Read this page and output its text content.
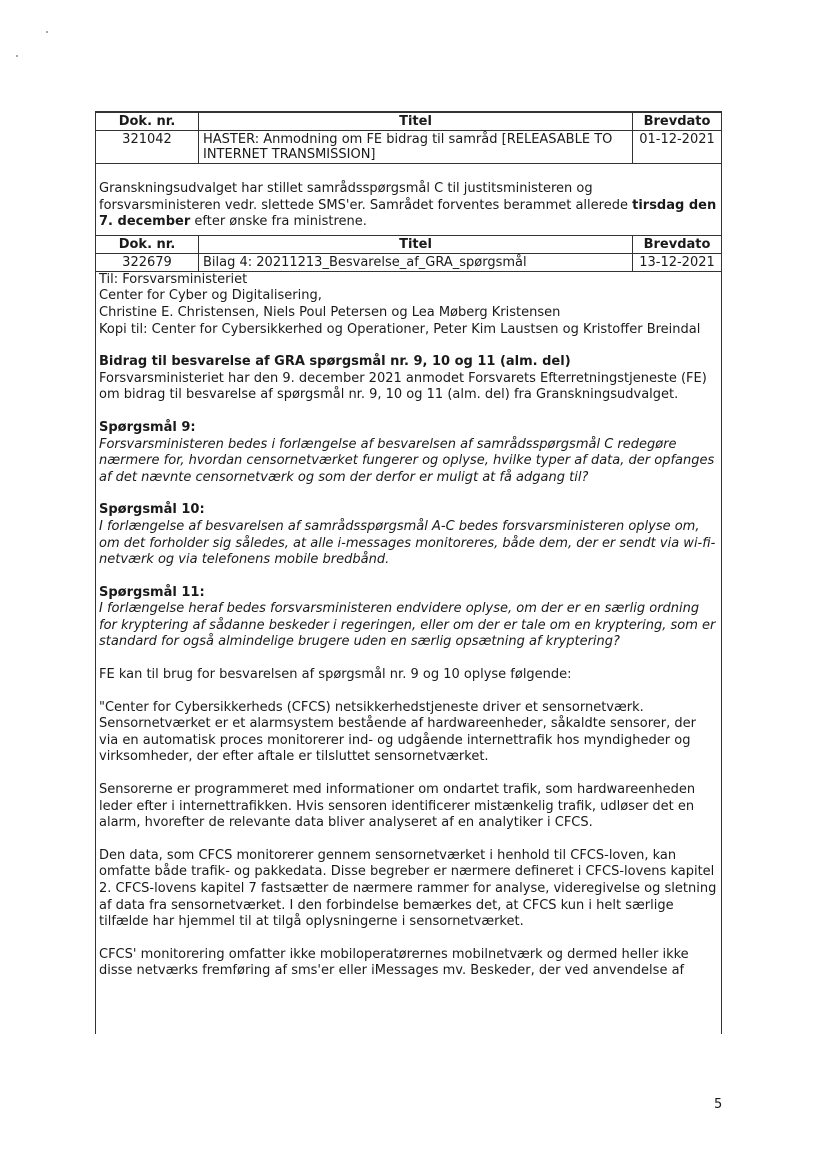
Dok. nr.	Titel	Brevdato
321042	HASTER: Anmodning om FE bidrag til samråd [RELEASABLE TO INTERNET TRANSMISSION]	01-12-2021

Granskningsudvalget har stillet samrådsspørgsmål C til justitsministeren og forsvarsministeren vedr. slettede SMS'er. Samrådet forventes berammet allerede tirsdag den 7. december efter ønske fra ministrene.

Dok. nr.	Titel	Brevdato
322679	Bilag 4: 20211213_Besvarelse_af_GRA_spørgsmål	13-12-2021

Til: Forsvarsministeriet

Center for Cyber og Digitalisering,

Christine E. Christensen, Niels Poul Petersen og Lea Møberg Kristensen

Kopi til: Center for Cybersikkerhed og Operationer, Peter Kim Laustsen og Kristoffer Breindal

Bidrag til besvarelse af GRA spørgsmål nr. 9, 10 og 11 (alm. del)

Forsvarsministeriet har den 9. december 2021 anmodet Forsvarets Efterretningstjeneste (FE) om bidrag til besvarelse af spørgsmål nr. 9, 10 og 11 (alm. del) fra Granskningsudvalget.

Spørgsmål 9:

Forsvarsministeren bedes i forlængelse af besvarelsen af samrådsspørgsmål C redegøre nærmere for, hvordan censornetværket fungerer og oplyse, hvilke typer af data, der opfanges af det nævnte censornetværk og som der derfor er muligt at få adgang til?

Spørgsmål 10:

I forlængelse af besvarelsen af samrådsspørgsmål A-C bedes forsvarsministeren oplyse om, om det forholder sig således, at alle i-messages monitoreres, både dem, der er sendt via wi-fi-netværk og via telefonens mobile bredbånd.

Spørgsmål 11:

I forlængelse heraf bedes forsvarsministeren endvidere oplyse, om der er en særlig ordning for kryptering af sådanne beskeder i regeringen, eller om der er tale om en kryptering, som er standard for også almindelige brugere uden en særlig opsætning af kryptering?

FE kan til brug for besvarelsen af spørgsmål nr. 9 og 10 oplyse følgende:

"Center for Cybersikkerheds (CFCS) netsikkerhedstjeneste driver et sensornetværk. Sensornetværket er et alarmsystem bestående af hardwareenheder, såkaldte sensorer, der via en automatisk proces monitorerer ind- og udgående internettrafik hos myndigheder og virksomheder, der efter aftale er tilsluttet sensornetværket.

Sensorerne er programmeret med informationer om ondartet trafik, som hardwareenheden leder efter i internettrafikken. Hvis sensoren identificerer mistænkelig trafik, udløser det en alarm, hvorefter de relevante data bliver analyseret af en analytiker i CFCS.

Den data, som CFCS monitorerer gennem sensornetværket i henhold til CFCS-loven, kan omfatte både trafik- og pakkedata. Disse begreber er nærmere defineret i CFCS-lovens kapitel 2. CFCS-lovens kapitel 7 fastsætter de nærmere rammer for analyse, videregivelse og sletning af data fra sensornetværket. I den forbindelse bemærkes det, at CFCS kun i helt særlige tilfælde har hjemmel til at tilgå oplysningerne i sensornetværket.

CFCS' monitorering omfatter ikke mobiloperatørernes mobilnetværk og dermed heller ikke disse netværks fremføring af sms'er eller iMessages mv. Beskeder, der ved anvendelse af

5
